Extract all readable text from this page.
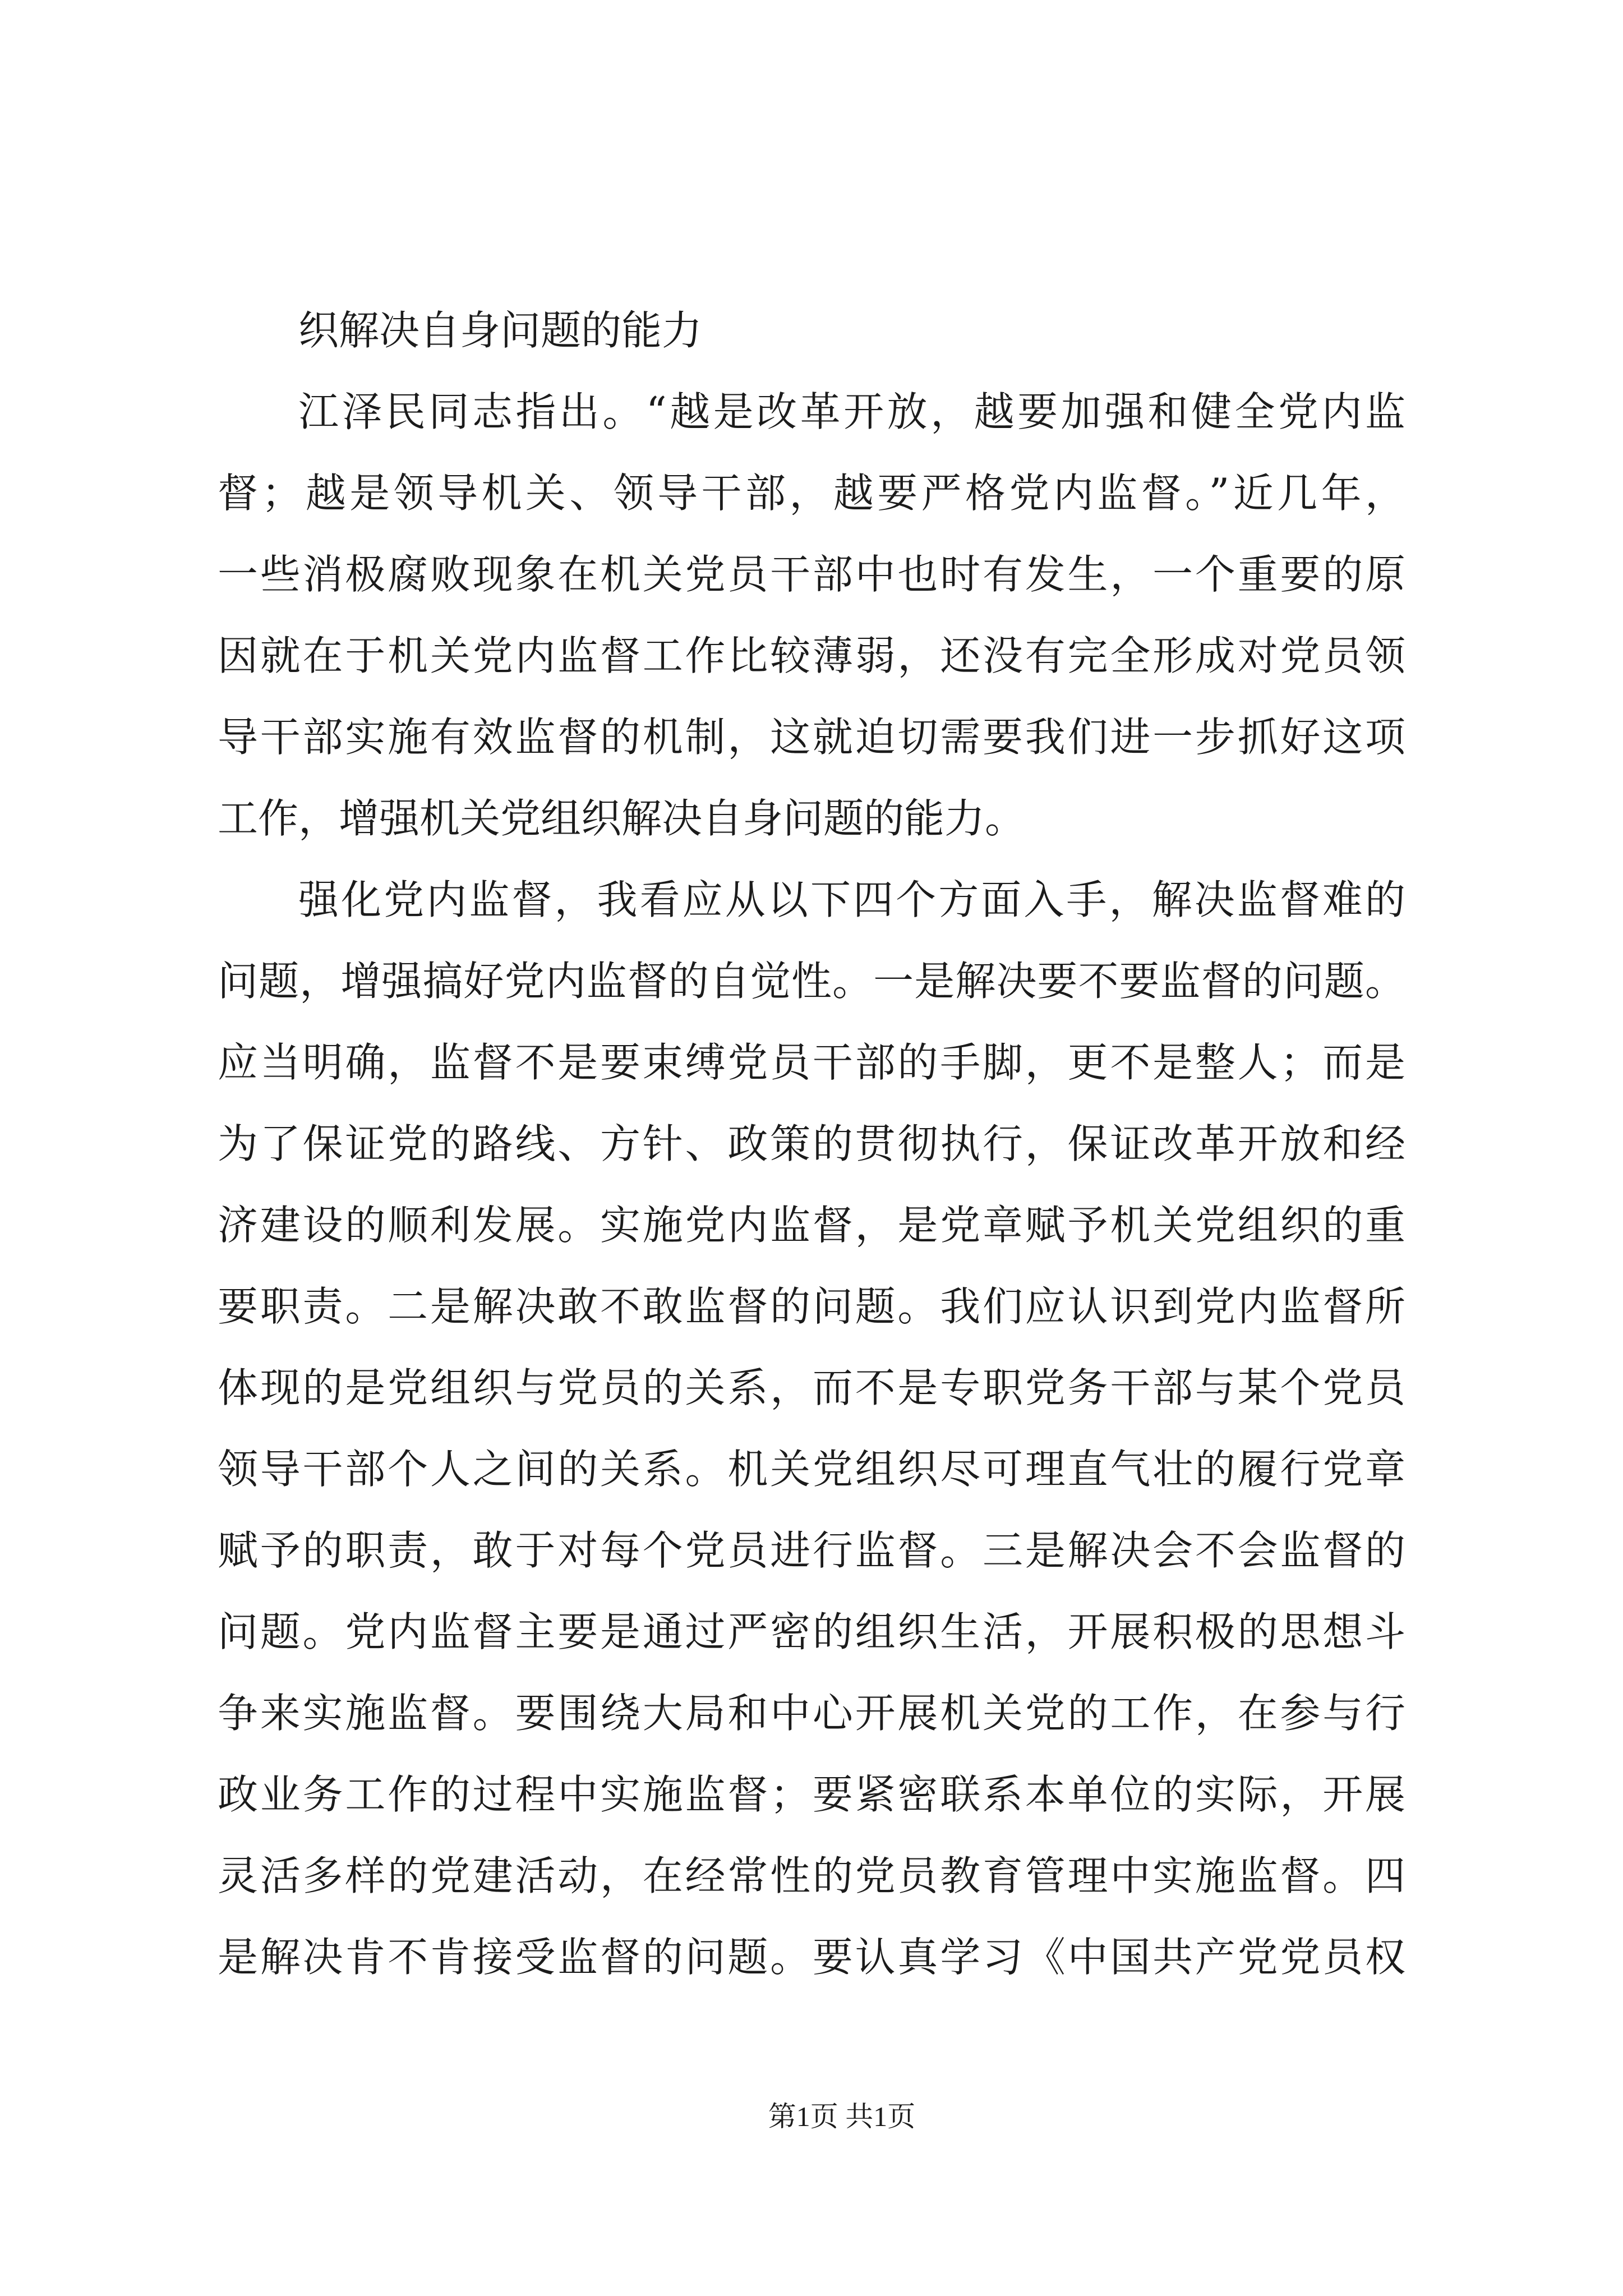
织解决自身问题的能力
江泽民同志指出。“越是改革开放，越要加强和健全党内监
督；越是领导机关、领导干部，越要严格党内监督。”近几年，
一些消极腐败现象在机关党员干部中也时有发生，一个重要的原
因就在于机关党内监督工作比较薄弱，还没有完全形成对党员领
导干部实施有效监督的机制，这就迫切需要我们进一步抓好这项
工作，增强机关党组织解决自身问题的能力。
强化党内监督，我看应从以下四个方面入手，解决监督难的
问题，增强搞好党内监督的自觉性。一是解决要不要监督的问题。
应当明确，监督不是要束缚党员干部的手脚，更不是整人；而是
为了保证党的路线、方针、政策的贯彻执行，保证改革开放和经
济建设的顺利发展。实施党内监督，是党章赋予机关党组织的重
要职责。二是解决敢不敢监督的问题。我们应认识到党内监督所
体现的是党组织与党员的关系，而不是专职党务干部与某个党员
领导干部个人之间的关系。机关党组织尽可理直气壮的履行党章
赋予的职责，敢于对每个党员进行监督。三是解决会不会监督的
问题。党内监督主要是通过严密的组织生活，开展积极的思想斗
争来实施监督。要围绕大局和中心开展机关党的工作，在参与行
政业务工作的过程中实施监督；要紧密联系本单位的实际，开展
灵活多样的党建活动，在经常性的党员教育管理中实施监督。四
是解决肯不肯接受监督的问题。要认真学习《中国共产党党员权
第1页 共1页
